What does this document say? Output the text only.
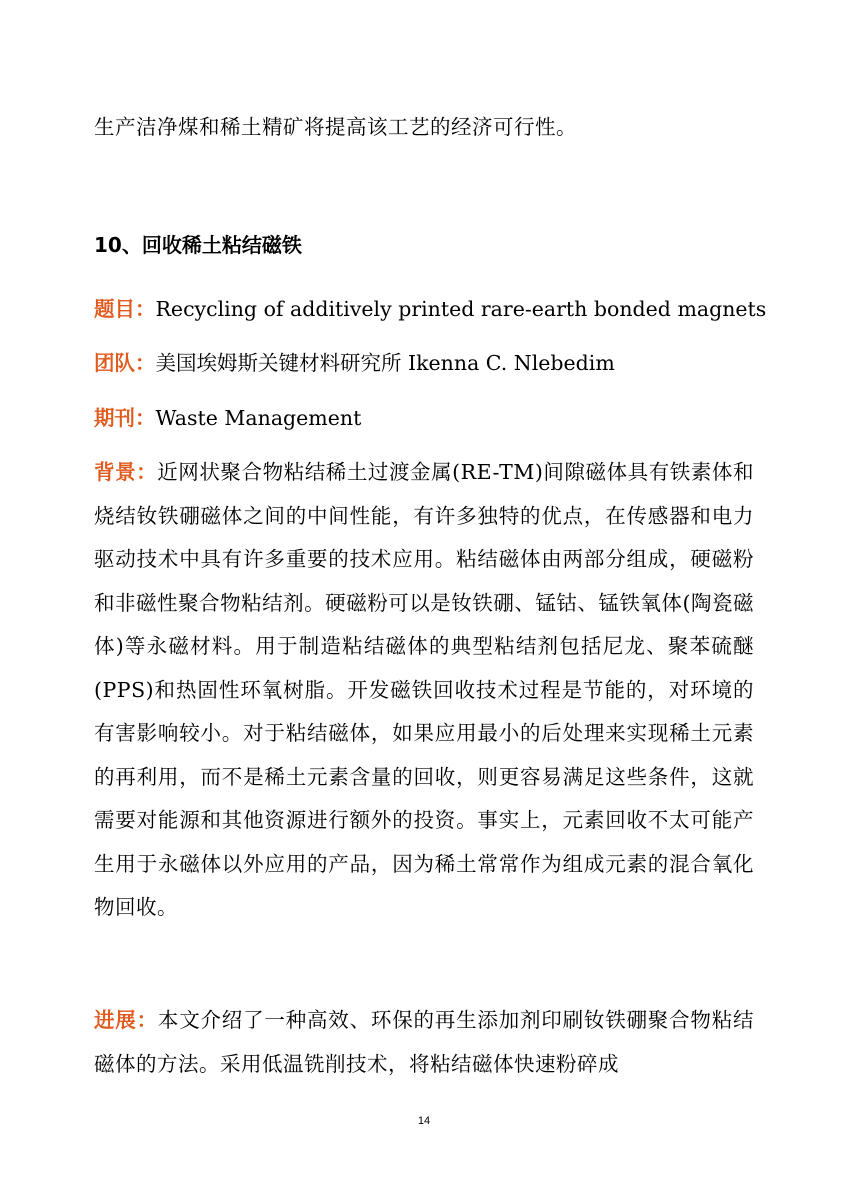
生产洁净煤和稀土精矿将提高该工艺的经济可行性。

10、回收稀土粘结磁铁

题目：Recycling of additively printed rare-earth bonded magnets

团队：美国埃姆斯关键材料研究所 Ikenna C. Nlebedim

期刊：Waste Management

背景：近网状聚合物粘结稀土过渡金属(RE-TM)间隙磁体具有铁素体和烧结钕铁硼磁体之间的中间性能，有许多独特的优点，在传感器和电力驱动技术中具有许多重要的技术应用。粘结磁体由两部分组成，硬磁粉和非磁性聚合物粘结剂。硬磁粉可以是钕铁硼、锰钴、锰铁氧体(陶瓷磁体)等永磁材料。用于制造粘结磁体的典型粘结剂包括尼龙、聚苯硫醚(PPS)和热固性环氧树脂。开发磁铁回收技术过程是节能的，对环境的有害影响较小。对于粘结磁体，如果应用最小的后处理来实现稀土元素的再利用，而不是稀土元素含量的回收，则更容易满足这些条件，这就需要对能源和其他资源进行额外的投资。事实上，元素回收不太可能产生用于永磁体以外应用的产品，因为稀土常常作为组成元素的混合氧化物回收。

进展：本文介绍了一种高效、环保的再生添加剂印刷钕铁硼聚合物粘结磁体的方法。采用低温铣削技术，将粘结磁体快速粉碎成

14
